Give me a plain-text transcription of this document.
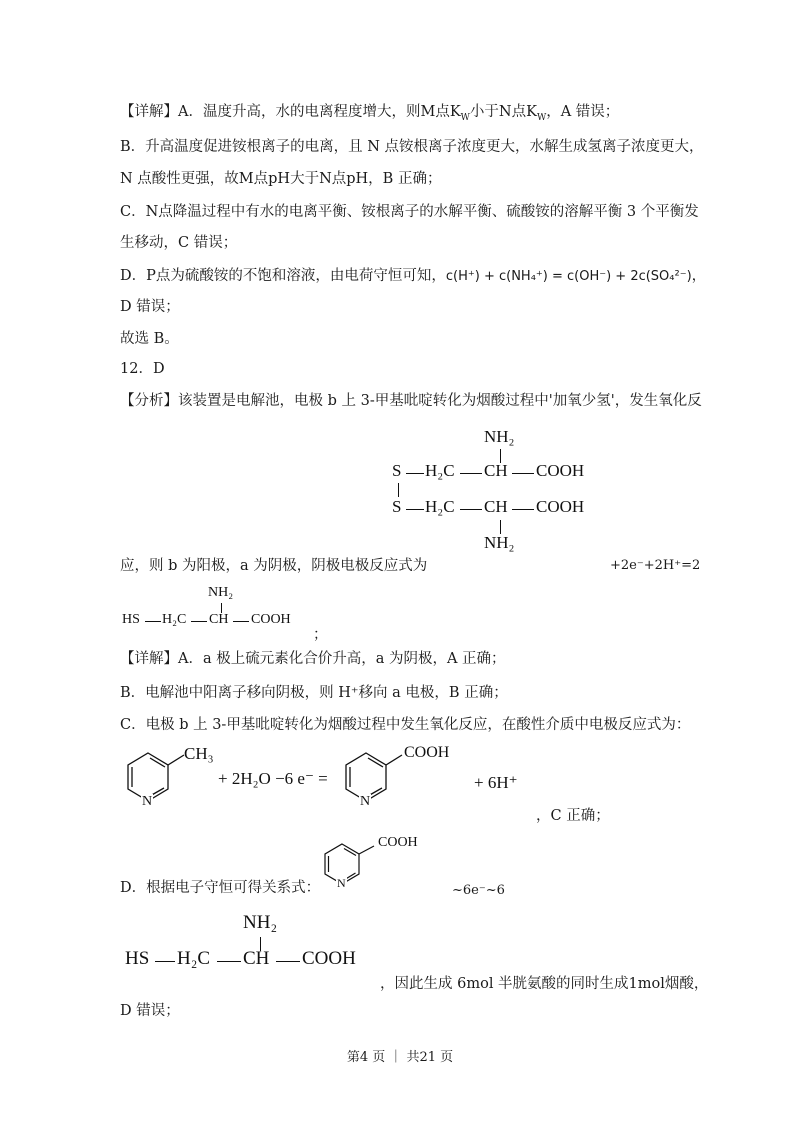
【详解】A．温度升高，水的电离程度增大，则M点$K_W$小于N点$K_W$，A 错误；
B．升高温度促进铵根离子的电离，且 N 点铵根离子浓度更大，水解生成氢离子浓度更大，
N 点酸性更强，故M点pH大于N点pH，B 正确；
C．N点降温过程中有水的电离平衡、铵根离子的水解平衡、硫酸铵的溶解平衡 3 个平衡发
生移动，C 错误；
D．P点为硫酸铵的不饱和溶液，由电荷守恒可知，c(H⁺) + c(NH₄⁺) = c(OH⁻) + 2c(SO₄²⁻)，
D 错误；
故选 B。
12．D
【分析】该装置是电解池，电极 b 上 3-甲基吡啶转化为烟酸过程中'加氧少氢'，发生氧化反
NH₂
S H₂C CH COOH
S H₂C CH COOH
NH₂
应，则 b 为阳极，a 为阴极，阴极电极反应式为	+2e⁻+2H⁺=2
NH₂
HS H₂C CH COOH
；
【详解】A．a 极上硫元素化合价升高，a 为阴极，A 正确；
B．电解池中阳离子移向阴极，则 H⁺移向 a 电极，B 正确；
C．电极 b 上 3-甲基吡啶转化为烟酸过程中发生氧化反应，在酸性介质中电极反应式为：
CH₃
N
+ 2H₂O −6 e⁻ =
COOH
N
+ 6H⁺
，C 正确；
COOH
N
D．根据电子守恒可得关系式：	~6e⁻~6
NH₂
HS H₂C CH COOH
，因此生成 6mol 半胱氨酸的同时生成1mol烟酸，
D 错误；
第4 页 ｜ 共21 页
